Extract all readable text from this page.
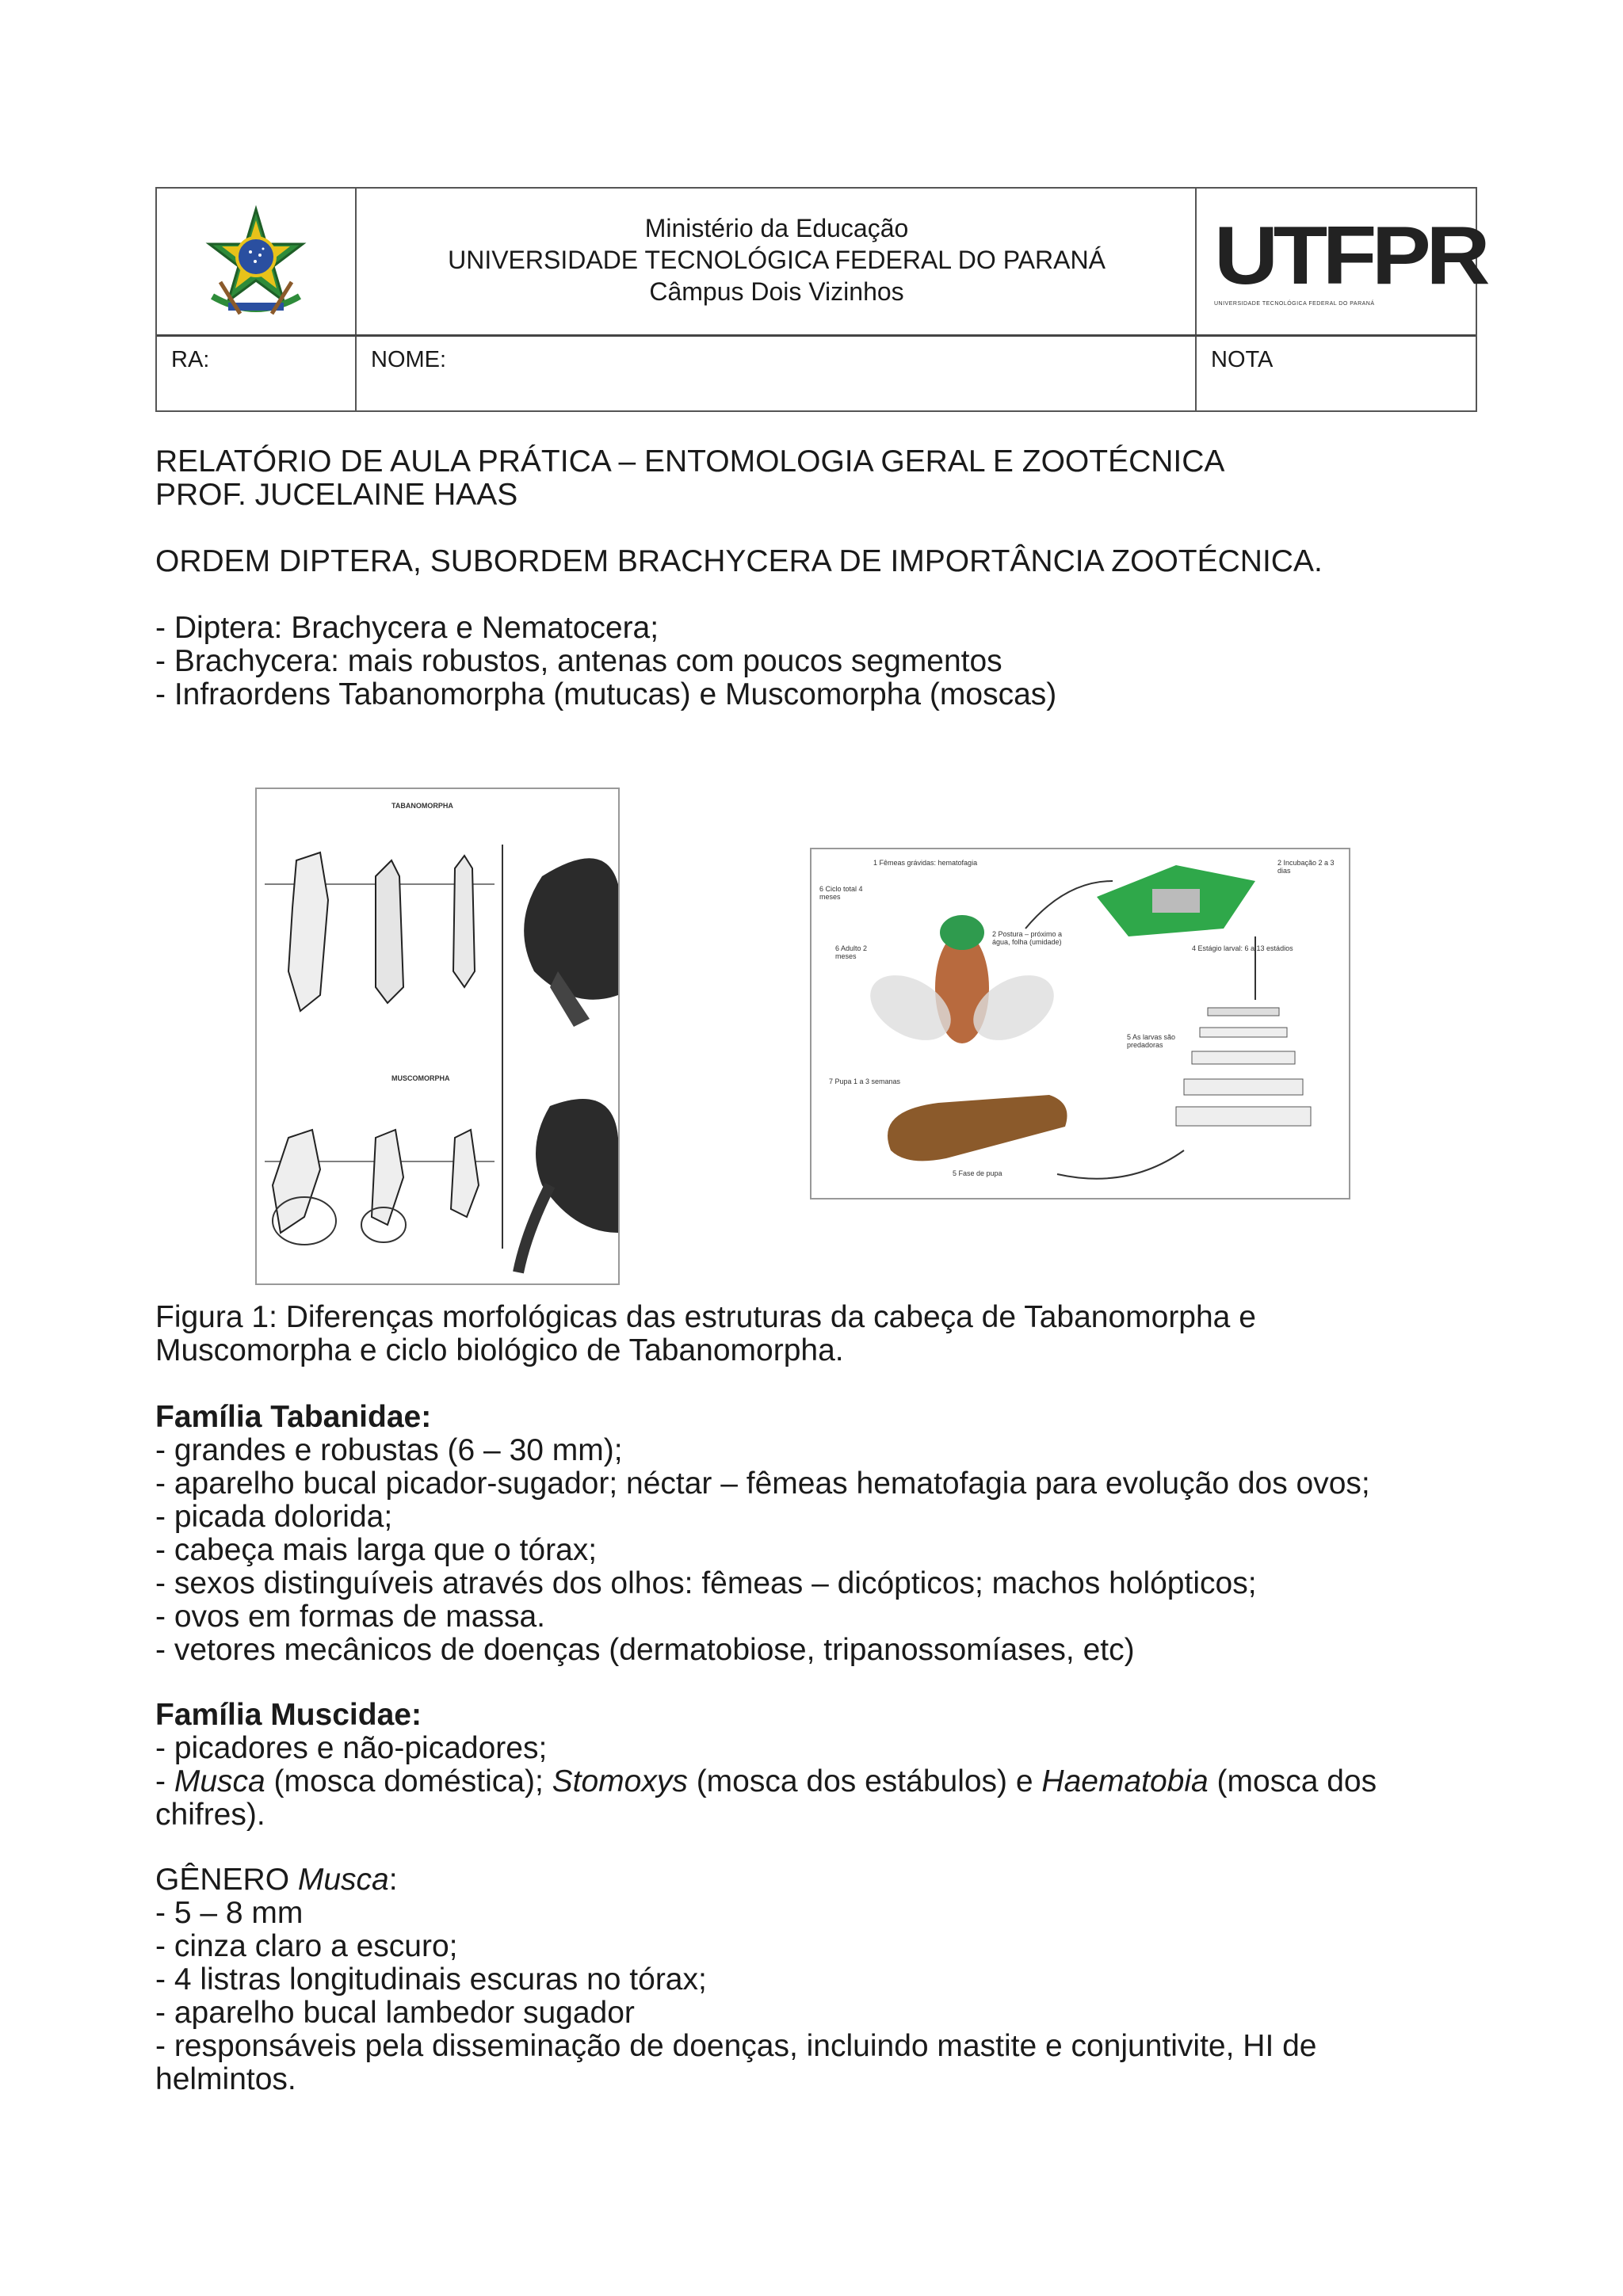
Ministério da Educação
UNIVERSIDADE TECNOLÓGICA FEDERAL DO PARANÁ
Câmpus Dois Vizinhos	UTFPR
UNIVERSIDADE TECNOLÓGICA FEDERAL DO PARANÁ
RA:	NOME:	NOTA
RELATÓRIO DE AULA PRÁTICA – ENTOMOLOGIA GERAL E ZOOTÉCNICA
PROF. JUCELAINE HAAS
ORDEM DIPTERA, SUBORDEM BRACHYCERA DE IMPORTÂNCIA ZOOTÉCNICA.
- Diptera: Brachycera e Nematocera;
- Brachycera: mais robustos, antenas com poucos segmentos
- Infraordens Tabanomorpha (mutucas) e Muscomorpha (moscas)
TABANOMORPHA
MUSCOMORPHA
1 Fêmeas grávidas: hematofagia
6 Ciclo total 4 meses
2 Incubação 2 a 3 dias
6 Adulto 2 meses
2 Postura – próximo a água, folha (umidade)
4 Estágio larval: 6 a 13 estádios
5 As larvas são predadoras
7 Pupa 1 a 3 semanas
5 Fase de pupa
Figura 1: Diferenças morfológicas das estruturas da cabeça de Tabanomorpha e
Muscomorpha e ciclo biológico de Tabanomorpha.
Família Tabanidae:
- grandes e robustas (6 – 30 mm);
- aparelho bucal picador-sugador; néctar – fêmeas hematofagia para evolução dos ovos;
- picada dolorida;
- cabeça mais larga que o tórax;
- sexos distinguíveis através dos olhos: fêmeas – dicópticos; machos holópticos;
- ovos em formas de massa.
- vetores mecânicos de doenças (dermatobiose, tripanossomíases, etc)
Família Muscidae:
- picadores e não-picadores;
- Musca (mosca doméstica); Stomoxys (mosca dos estábulos) e Haematobia (mosca dos
chifres).
GÊNERO Musca:
- 5 – 8 mm
- cinza claro a escuro;
- 4 listras longitudinais escuras no tórax;
- aparelho bucal lambedor sugador
- responsáveis pela disseminação de doenças, incluindo mastite e conjuntivite, HI de
helmintos.
